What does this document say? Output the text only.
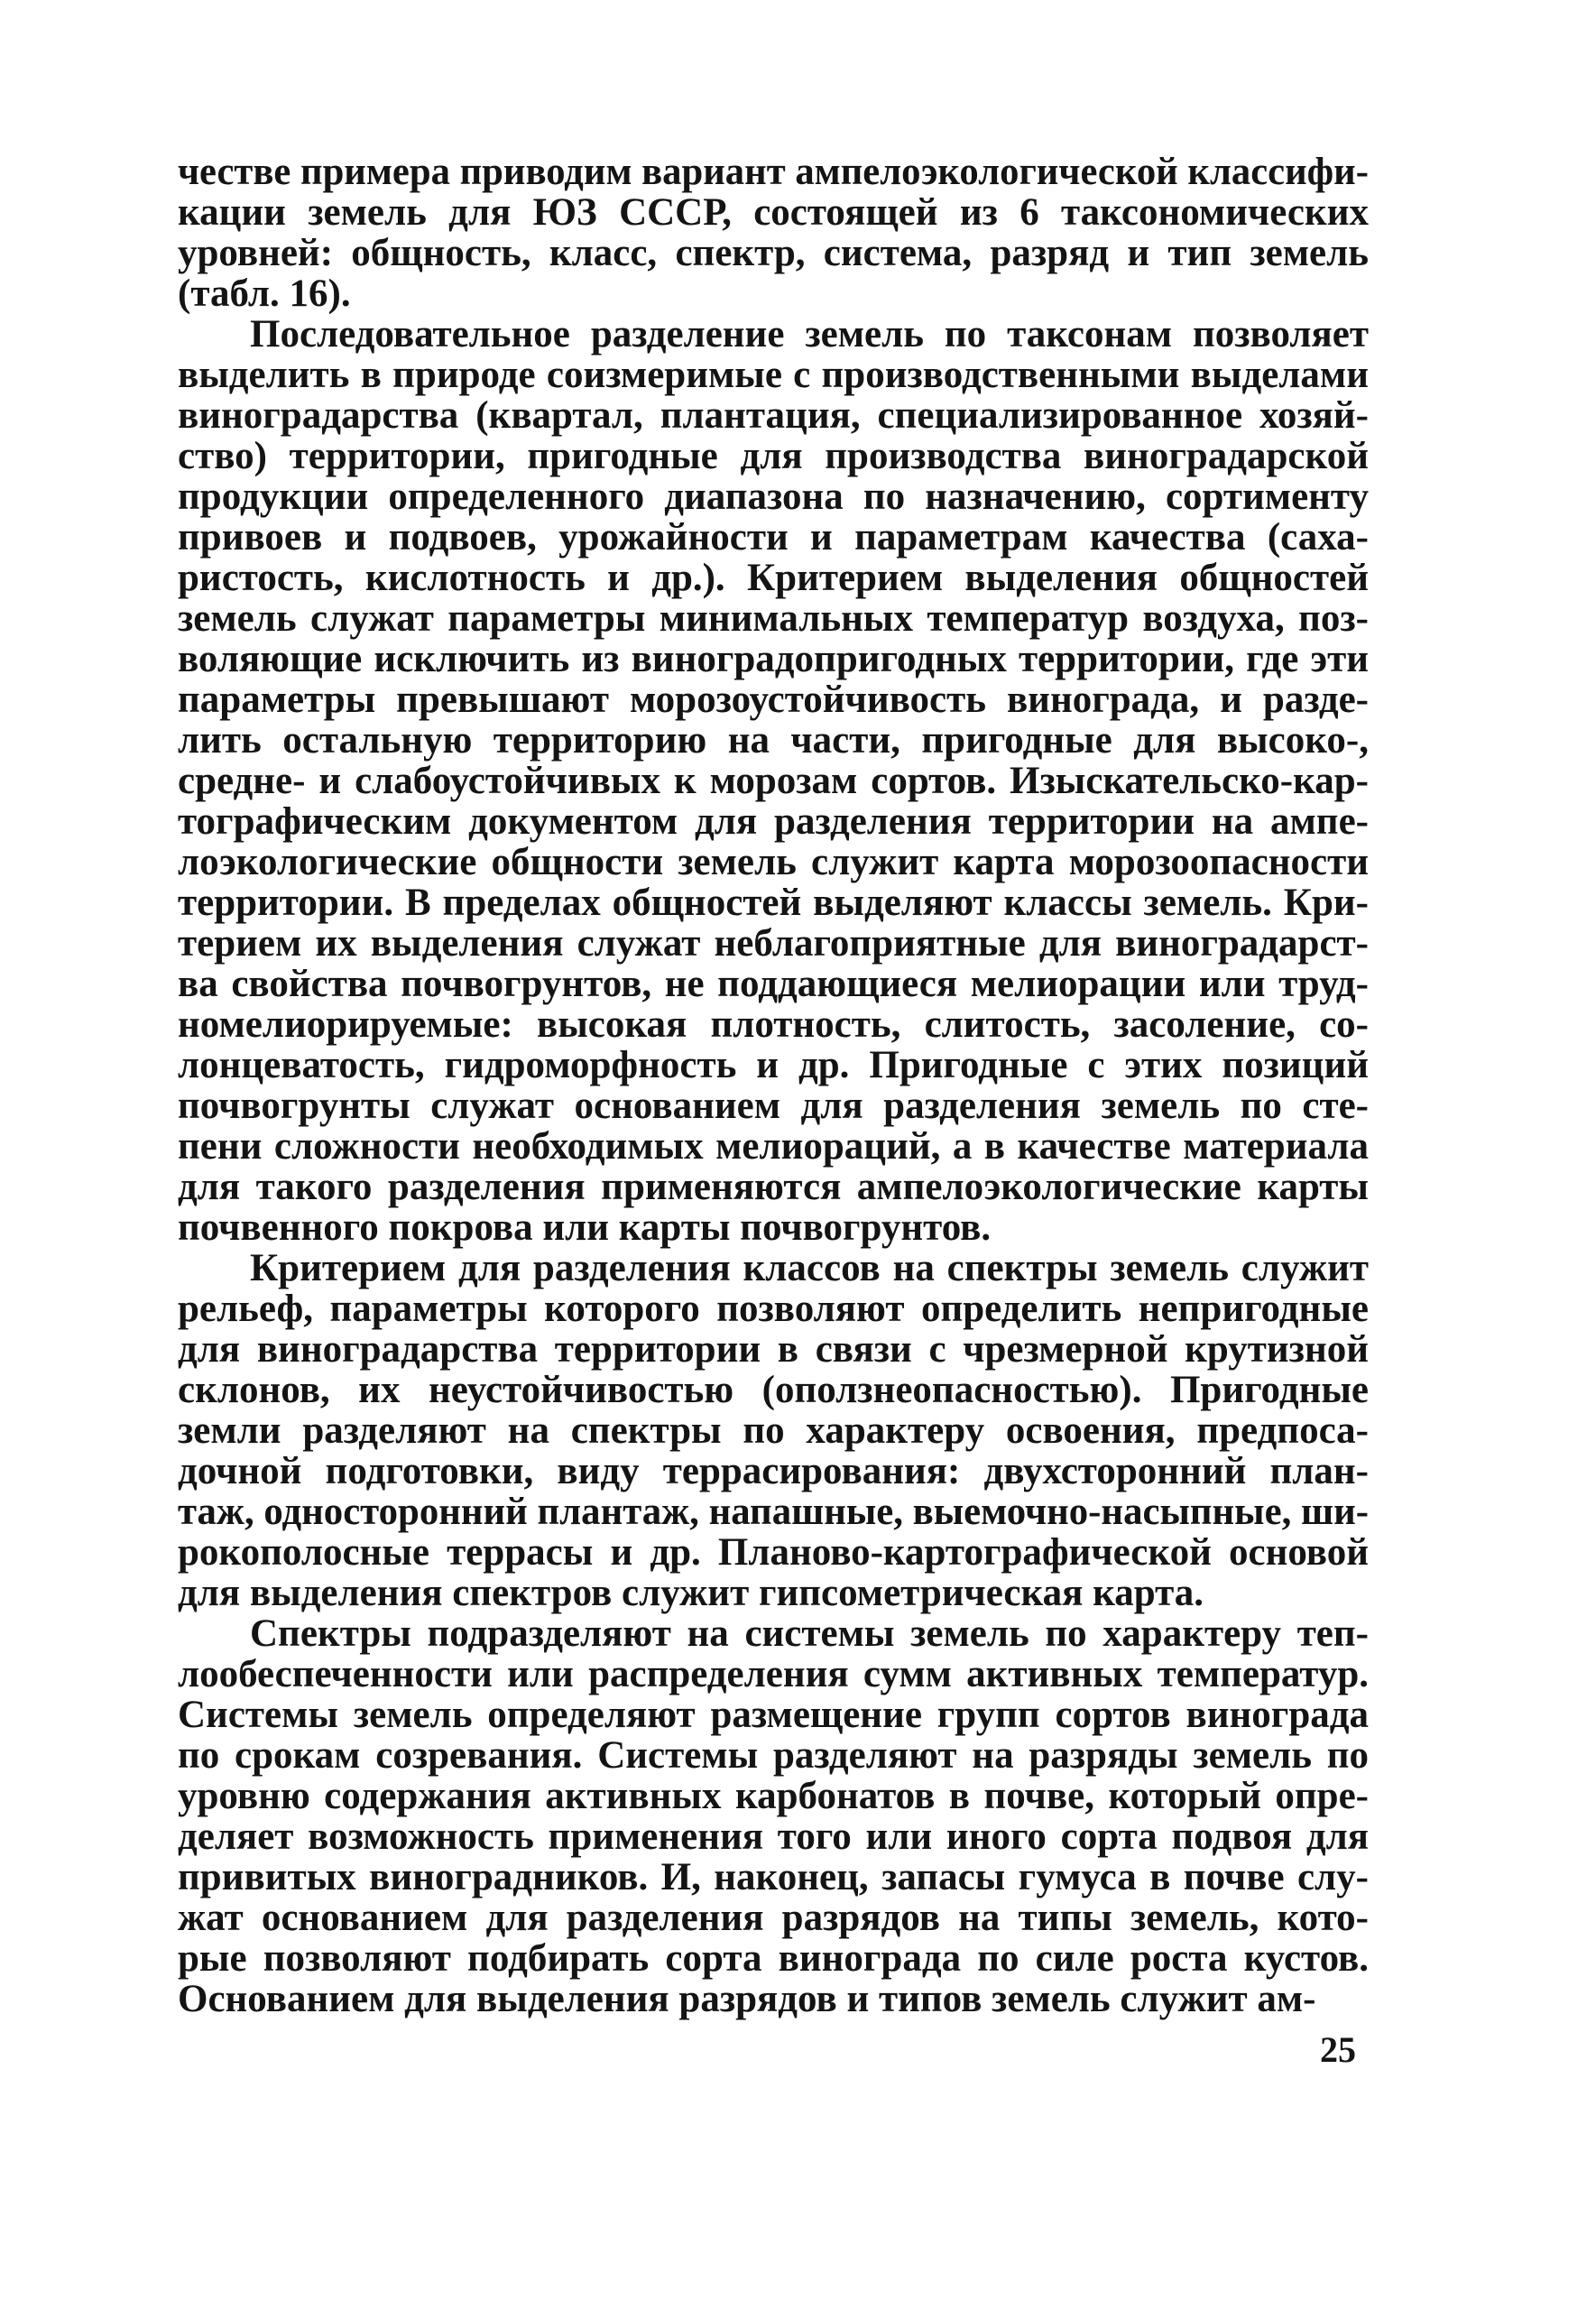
честве примера приводим вариант ампелоэкологической классифи-
кации земель для ЮЗ СССР, состоящей из 6 таксономических
уровней: общность, класс, спектр, система, разряд и тип земель
(табл. 16).
Последовательное разделение земель по таксонам позволяет
выделить в природе соизмеримые с производственными выделами
виноградарства (квартал, плантация, специализированное хозяй-
ство) территории, пригодные для производства виноградарской
продукции определенного диапазона по назначению, сортименту
привоев и подвоев, урожайности и параметрам качества (саха-
ристость, кислотность и др.). Критерием выделения общностей
земель служат параметры минимальных температур воздуха, поз-
воляющие исключить из виноградопригодных территории, где эти
параметры превышают морозоустойчивость винограда, и разде-
лить остальную территорию на части, пригодные для высоко-,
средне- и слабоустойчивых к морозам сортов. Изыскательско-кар-
тографическим документом для разделения территории на ампе-
лоэкологические общности земель служит карта морозоопасности
территории. В пределах общностей выделяют классы земель. Кри-
терием их выделения служат неблагоприятные для виноградарст-
ва свойства почвогрунтов, не поддающиеся мелиорации или труд-
номелиорируемые: высокая плотность, слитость, засоление, со-
лонцеватость, гидроморфность и др. Пригодные с этих позиций
почвогрунты служат основанием для разделения земель по сте-
пени сложности необходимых мелиораций, а в качестве материала
для такого разделения применяются ампелоэкологические карты
почвенного покрова или карты почвогрунтов.
Критерием для разделения классов на спектры земель служит
рельеф, параметры которого позволяют определить непригодные
для виноградарства территории в связи с чрезмерной крутизной
склонов, их неустойчивостью (оползнеопасностью). Пригодные
земли разделяют на спектры по характеру освоения, предпоса-
дочной подготовки, виду террасирования: двухсторонний план-
таж, односторонний плантаж, напашные, выемочно-насыпные, ши-
рокополосные террасы и др. Планово-картографической основой
для выделения спектров служит гипсометрическая карта.
Спектры подразделяют на системы земель по характеру теп-
лообеспеченности или распределения сумм активных температур.
Системы земель определяют размещение групп сортов винограда
по срокам созревания. Системы разделяют на разряды земель по
уровню содержания активных карбонатов в почве, который опре-
деляет возможность применения того или иного сорта подвоя для
привитых виноградников. И, наконец, запасы гумуса в почве слу-
жат основанием для разделения разрядов на типы земель, кото-
рые позволяют подбирать сорта винограда по силе роста кустов.
Основанием для выделения разрядов и типов земель служит ам-
25
